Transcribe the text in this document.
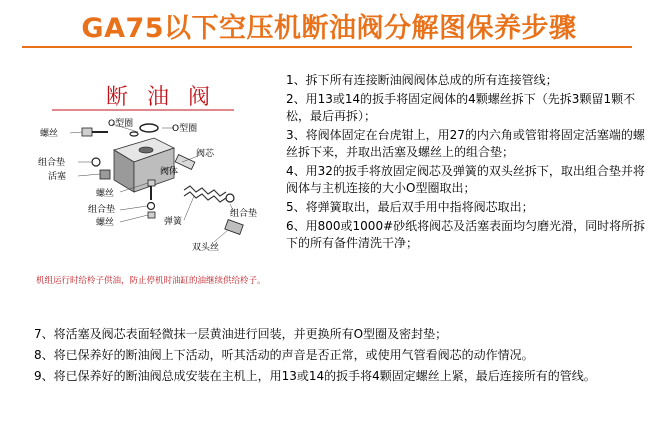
GA75以下空压机断油阀分解图保养步骤
螺丝
O型圈	O型圈
组合垫
活塞	阀体
阀芯
螺丝
组合垫
螺丝	弹簧
组合垫
双头丝
断 油 阀
机组运行时给柃子供油，防止停机时油缸的油继续供给柃子。

1、拆下所有连接断油阀阀体总成的所有连接管线；

2、用13或14的扳手将固定阀体的4颗螺丝拆下（先拆3颗留1颗不松，最后再拆）；

3、将阀体固定在台虎钳上，用27的内六角或管钳将固定活塞端的螺丝拆下来，并取出活塞及螺丝上的组合垫；

4、用32的扳手将放固定阀芯及弹簧的双头丝拆下，取出组合垫并将阀体与主机连接的大小O型圈取出；

5、将弹簧取出，最后双手用中指将阀芯取出；

6、用800或1000#砂纸将阀芯及活塞表面均匀磨光滑，同时将所拆下的所有备件清洗干净；

7、将活塞及阀芯表面轻微抹一层黄油进行回装，并更换所有O型圈及密封垫；

8、将已保养好的断油阀上下活动，听其活动的声音是否正常，或使用气管看阀芯的动作情况。

9、将已保养好的断油阀总成安装在主机上，用13或14的扳手将4颗固定螺丝上紧，最后连接所有的管线。
